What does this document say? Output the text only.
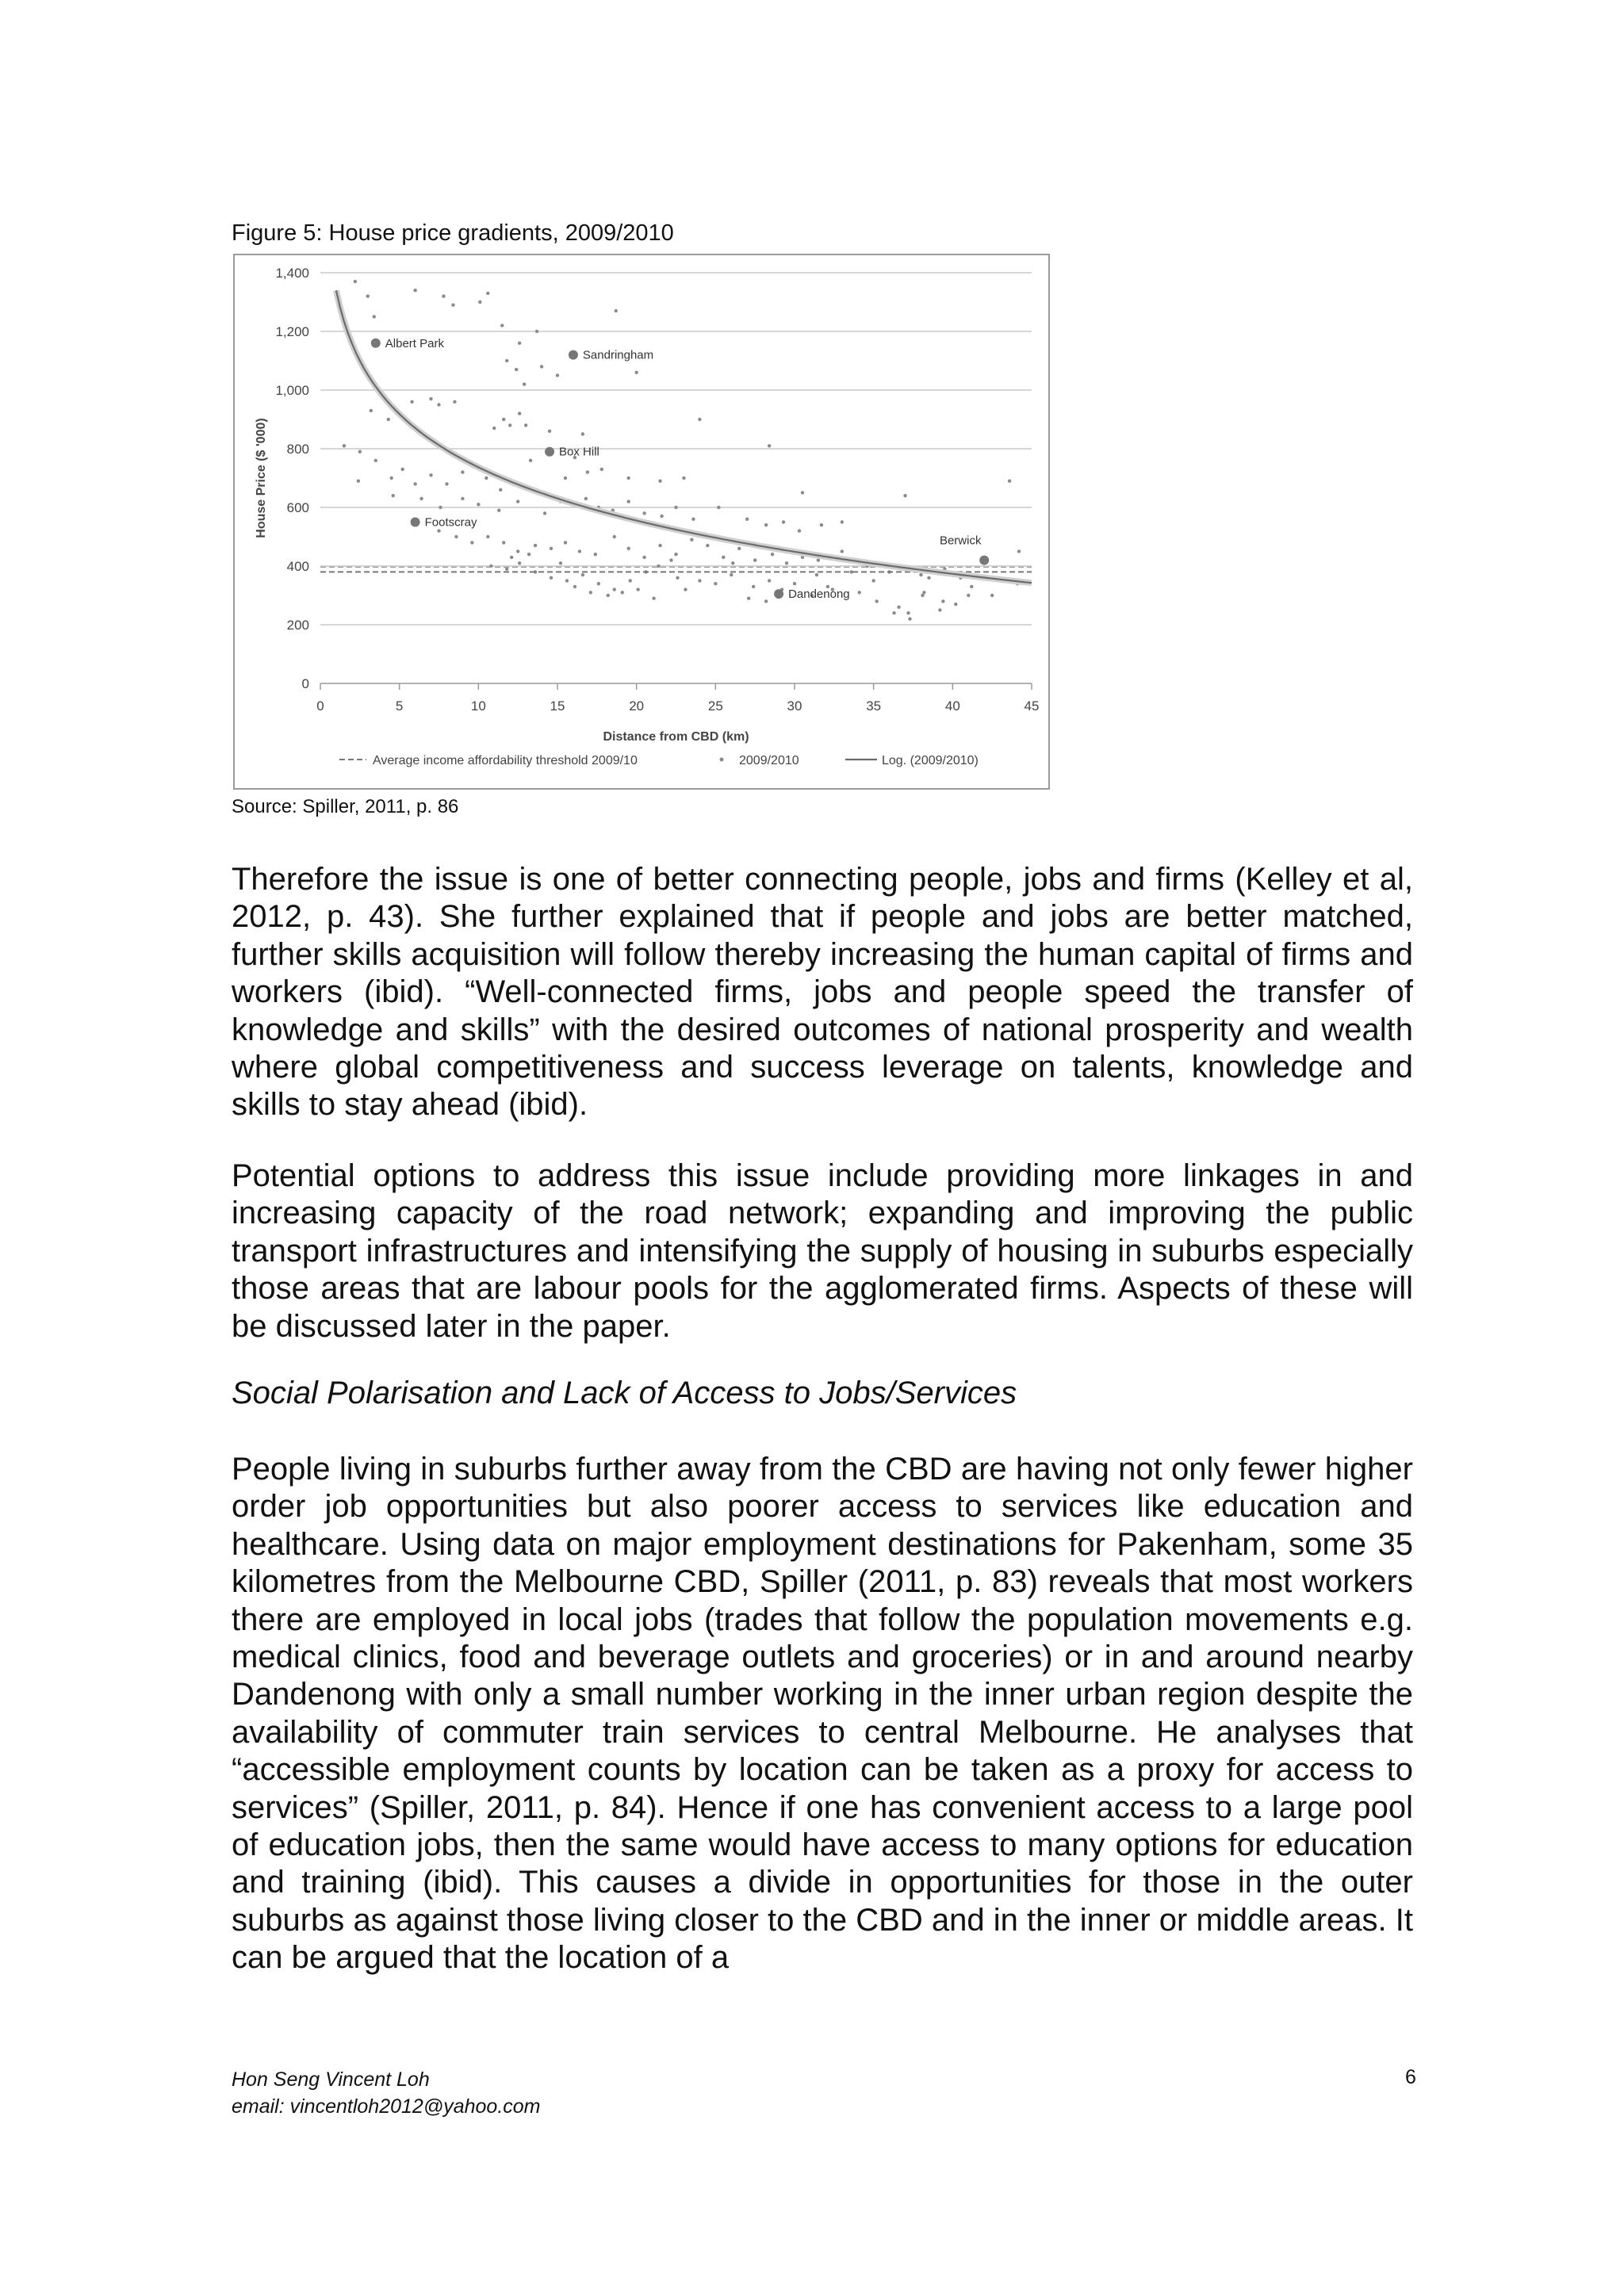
Figure 5: House price gradients, 2009/2010
Albert Park
Sandringham
Box Hill
Footscray
Dandenong
Berwick
0
200
400
600
800
1,000
1,200
1,400
0	5	10	15	20	25	30	35	40	45
Distance from CBD (km)
House Price ($ '000)
Average income affordability threshold 2009/10	2009/2010	Log. (2009/2010)
Source: Spiller, 2011, p. 86

Therefore the issue is one of better connecting people, jobs and firms (Kelley et al, 2012, p. 43). She further explained that if people and jobs are better matched, further skills acquisition will follow thereby increasing the human capital of firms and workers (ibid). “Well-connected firms, jobs and people speed the transfer of knowledge and skills” with the desired outcomes of national prosperity and wealth where global competitiveness and success leverage on talents, knowledge and skills to stay ahead (ibid).

Potential options to address this issue include providing more linkages in and increasing capacity of the road network; expanding and improving the public transport infrastructures and intensifying the supply of housing in suburbs especially those areas that are labour pools for the agglomerated firms. Aspects of these will be discussed later in the paper.

Social Polarisation and Lack of Access to Jobs/Services

People living in suburbs further away from the CBD are having not only fewer higher order job opportunities but also poorer access to services like education and healthcare. Using data on major employment destinations for Pakenham, some 35 kilometres from the Melbourne CBD, Spiller (2011, p. 83) reveals that most workers there are employed in local jobs (trades that follow the population movements e.g. medical clinics, food and beverage outlets and groceries) or in and around nearby Dandenong with only a small number working in the inner urban region despite the availability of commuter train services to central Melbourne. He analyses that “accessible employment counts by location can be taken as a proxy for access to services” (Spiller, 2011, p. 84). Hence if one has convenient access to a large pool of education jobs, then the same would have access to many options for education and training (ibid). This causes a divide in opportunities for those in the outer suburbs as against those living closer to the CBD and in the inner or middle areas. It can be argued that the location of a

Hon Seng Vincent Loh
email: vincentloh2012@yahoo.com
6
